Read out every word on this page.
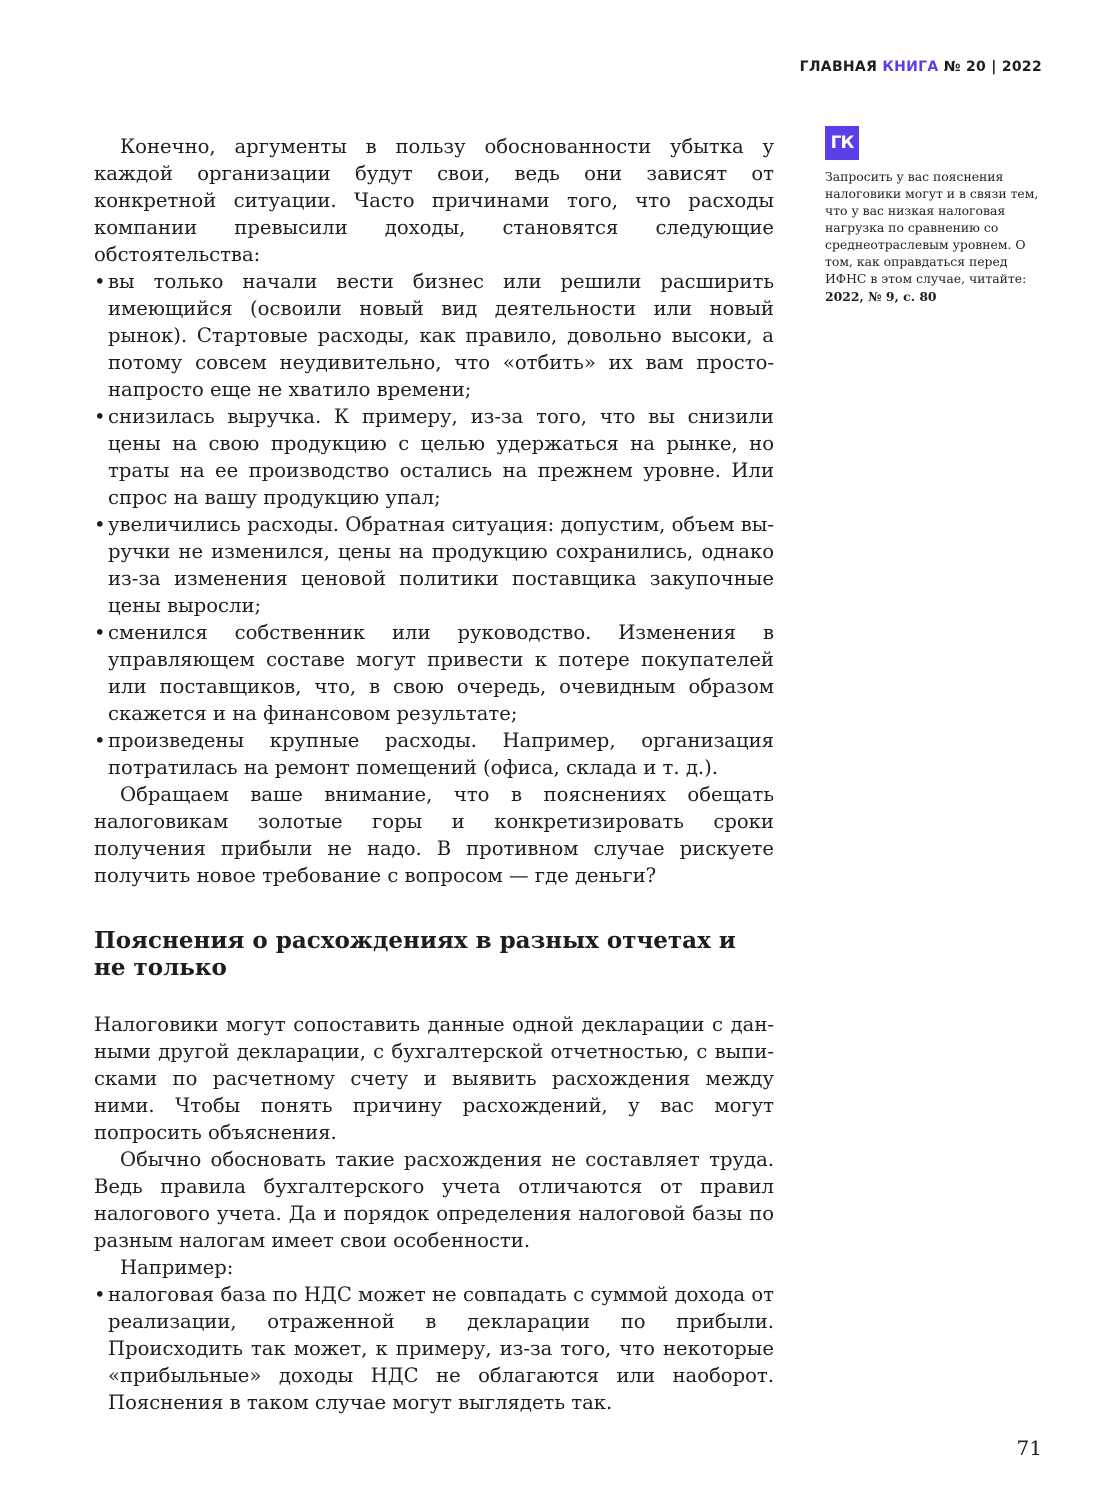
ГЛАВНАЯ КНИГА № 20 | 2022
ГК
Запросить у вас пояснения налоговики могут и в связи тем, что у вас низкая налоговая нагрузка по сравнению со среднеотраслевым уровнем. О том, как оправдаться перед ИФНС в этом случае, читайте:
2022, № 9, с. 80

Конечно, аргументы в пользу обоснованности убытка у каждой организации будут свои, ведь они зависят от конкретной ситуации. Часто причинами того, что расходы компании превысили доходы, становятся следующие обстоятельства:

• вы только начали вести бизнес или решили расширить имеющийся (освоили новый вид деятельности или новый рынок). Стартовые расходы, как правило, довольно высоки, а потому совсем неудивительно, что «отбить» их вам просто-напросто еще не хватило времени;
• снизилась выручка. К примеру, из-за того, что вы снизили цены на свою продукцию с целью удержаться на рынке, но траты на ее производство остались на прежнем уровне. Или спрос на вашу продукцию упал;
• увеличились расходы. Обратная ситуация: допустим, объем выручки не изменился, цены на продукцию сохранились, однако из-за изменения ценовой политики поставщика закупочные цены выросли;
• сменился собственник или руководство. Изменения в управляющем составе могут привести к потере покупателей или поставщиков, что, в свою очередь, очевидным образом скажется и на финансовом результате;
• произведены крупные расходы. Например, организация потратилась на ремонт помещений (офиса, склада и т. д.).

Обращаем ваше внимание, что в пояснениях обещать налоговикам золотые горы и конкретизировать сроки получения прибыли не надо. В противном случае рискуете получить новое требование с вопросом — где деньги?

Пояснения о расхождениях в разных отчетах и не только

Налоговики могут сопоставить данные одной декларации с данными другой декларации, с бухгалтерской отчетностью, с выписками по расчетному счету и выявить расхождения между ними. Чтобы понять причину расхождений, у вас могут попросить объяснения.

Обычно обосновать такие расхождения не составляет труда. Ведь правила бухгалтерского учета отличаются от правил налогового учета. Да и порядок определения налоговой базы по разным налогам имеет свои особенности.

Например:

• налоговая база по НДС может не совпадать с суммой дохода от реализации, отраженной в декларации по прибыли. Происходить так может, к примеру, из-за того, что некоторые «прибыльные» доходы НДС не облагаются или наоборот. Пояснения в таком случае могут выглядеть так.
71
